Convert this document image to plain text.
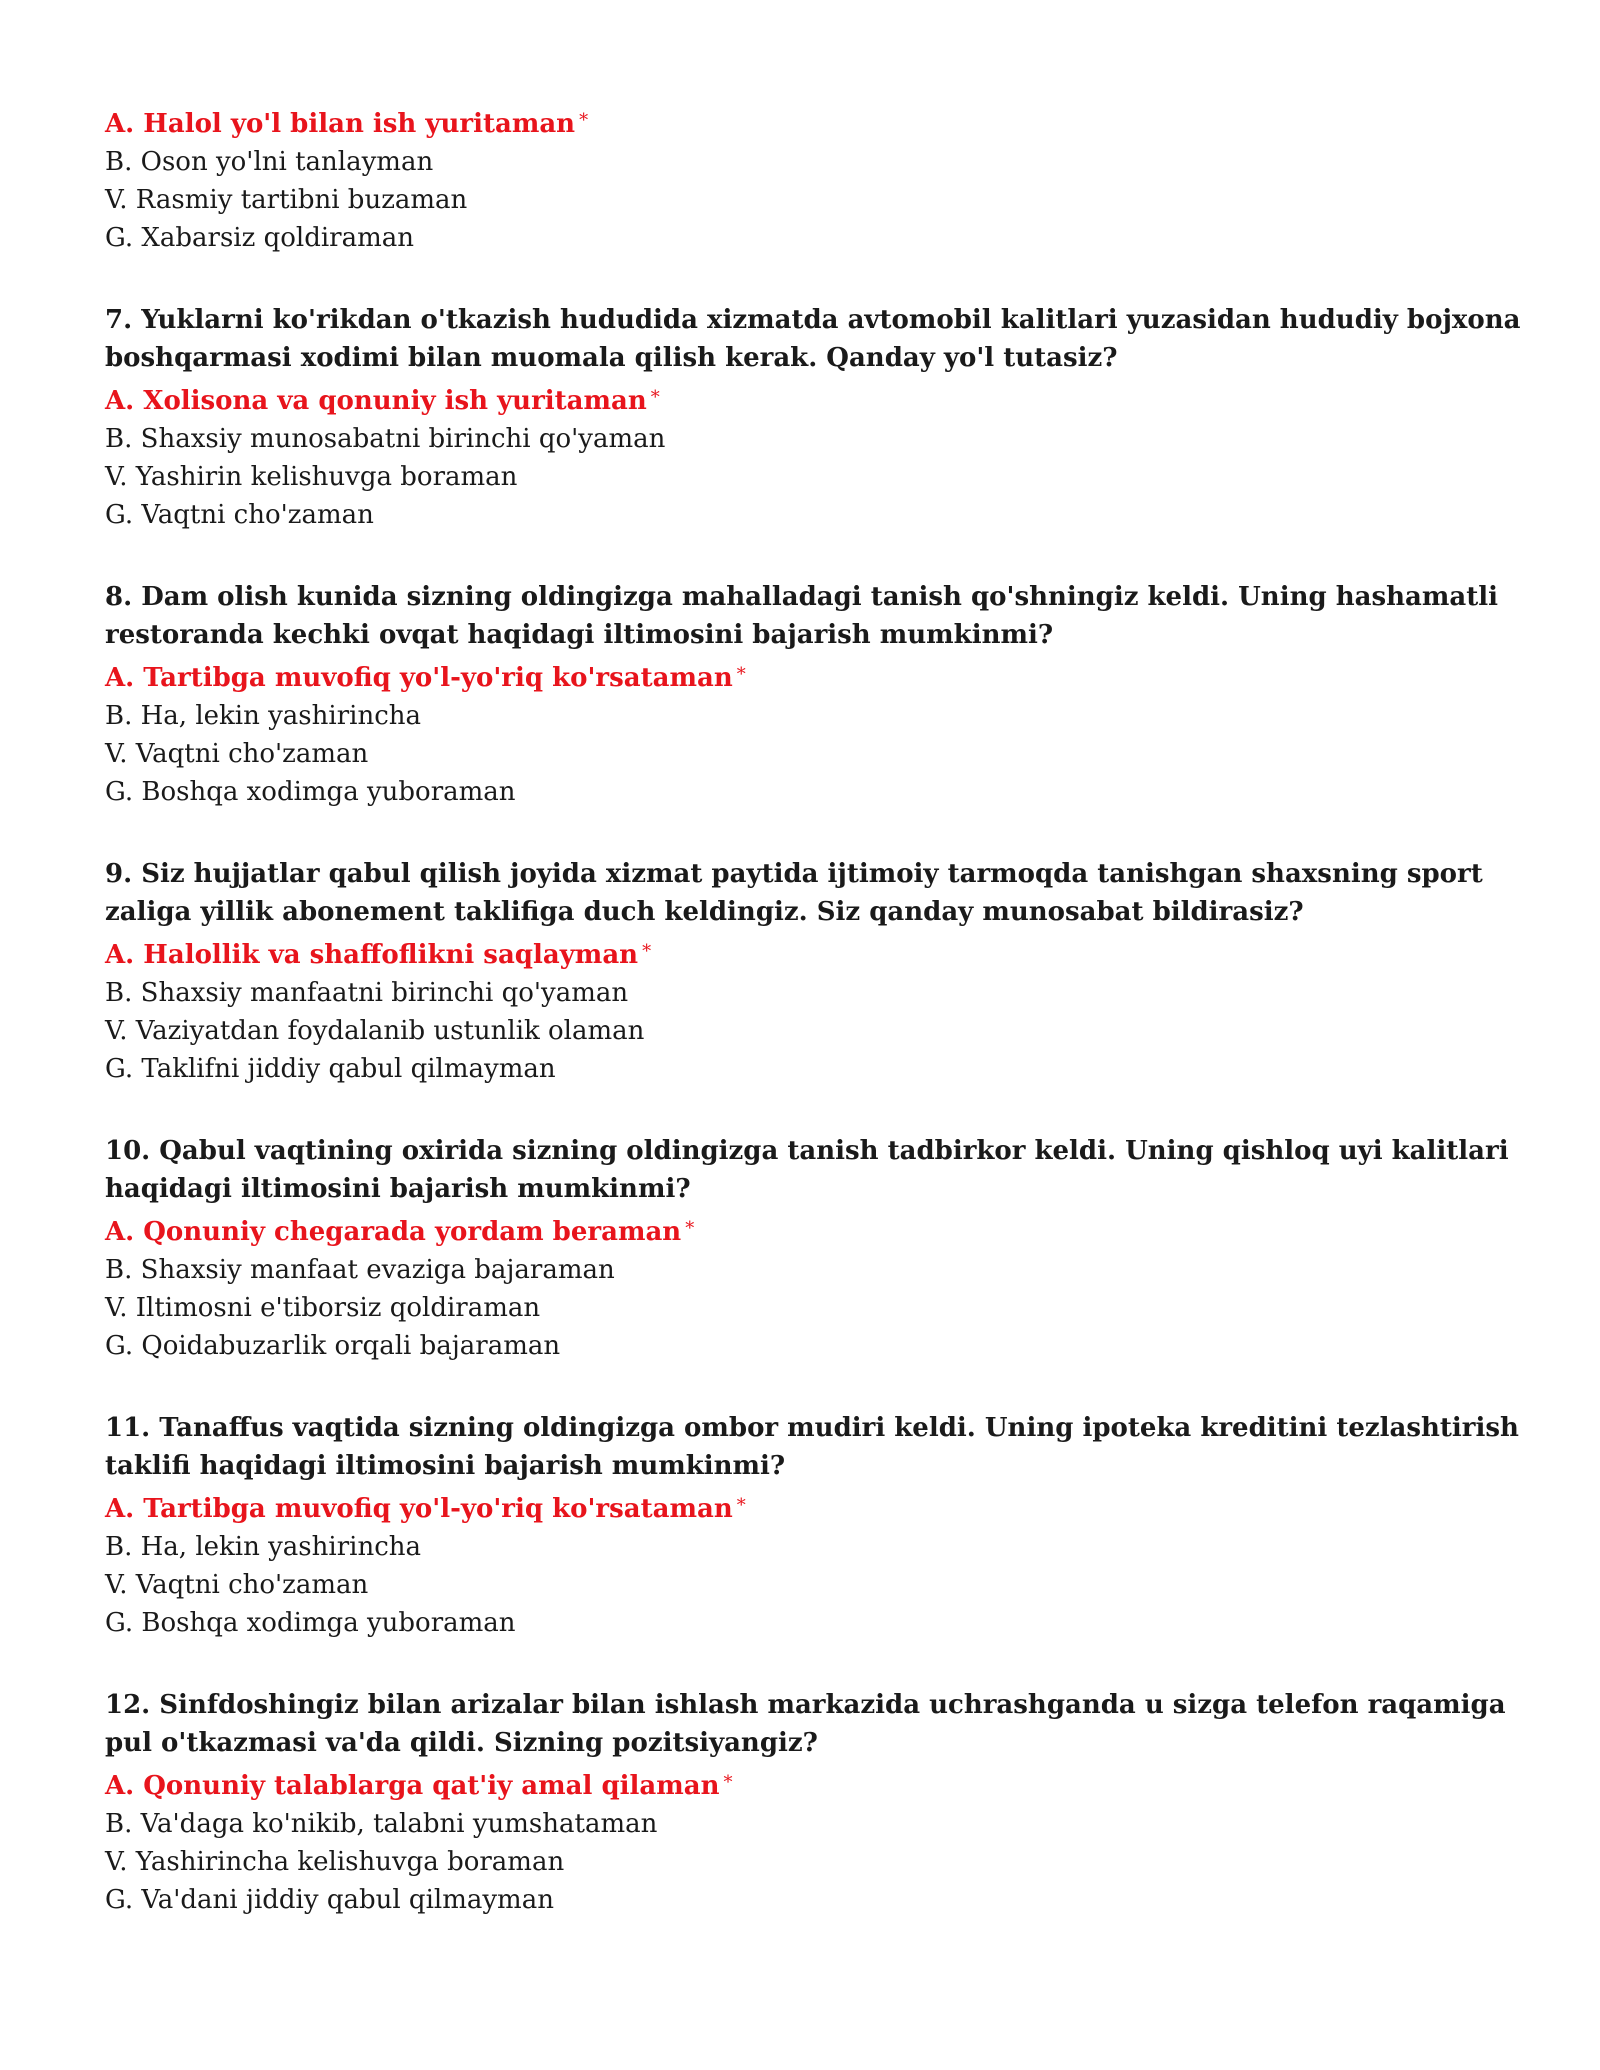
A. Halol yo'l bilan ish yuritaman *

B. Oson yo'lni tanlayman

V. Rasmiy tartibni buzaman

G. Xabarsiz qoldiraman

7. Yuklarni ko'rikdan o'tkazish hududida xizmatda avtomobil kalitlari yuzasidan hududiy bojxona boshqarmasi xodimi bilan muomala qilish kerak. Qanday yo'l tutasiz?

A. Xolisona va qonuniy ish yuritaman *

B. Shaxsiy munosabatni birinchi qo'yaman

V. Yashirin kelishuvga boraman

G. Vaqtni cho'zaman

8. Dam olish kunida sizning oldingizga mahalladagi tanish qo'shningiz keldi. Uning hashamatli restoranda kechki ovqat haqidagi iltimosini bajarish mumkinmi?

A. Tartibga muvofiq yo'l-yo'riq ko'rsataman *

B. Ha, lekin yashirincha

V. Vaqtni cho'zaman

G. Boshqa xodimga yuboraman

9. Siz hujjatlar qabul qilish joyida xizmat paytida ijtimoiy tarmoqda tanishgan shaxsning sport zaliga yillik abonement taklifiga duch keldingiz. Siz qanday munosabat bildirasiz?

A. Halollik va shaffoflikni saqlayman *

B. Shaxsiy manfaatni birinchi qo'yaman

V. Vaziyatdan foydalanib ustunlik olaman

G. Taklifni jiddiy qabul qilmayman

10. Qabul vaqtining oxirida sizning oldingizga tanish tadbirkor keldi. Uning qishloq uyi kalitlari haqidagi iltimosini bajarish mumkinmi?

A. Qonuniy chegarada yordam beraman *

B. Shaxsiy manfaat evaziga bajaraman

V. Iltimosni e'tiborsiz qoldiraman

G. Qoidabuzarlik orqali bajaraman

11. Tanaffus vaqtida sizning oldingizga ombor mudiri keldi. Uning ipoteka kreditini tezlashtirish taklifi haqidagi iltimosini bajarish mumkinmi?

A. Tartibga muvofiq yo'l-yo'riq ko'rsataman *

B. Ha, lekin yashirincha

V. Vaqtni cho'zaman

G. Boshqa xodimga yuboraman

12. Sinfdoshingiz bilan arizalar bilan ishlash markazida uchrashganda u sizga telefon raqamiga pul o'tkazmasi va'da qildi. Sizning pozitsiyangiz?

A. Qonuniy talablarga qat'iy amal qilaman *

B. Va'daga ko'nikib, talabni yumshataman

V. Yashirincha kelishuvga boraman

G. Va'dani jiddiy qabul qilmayman
